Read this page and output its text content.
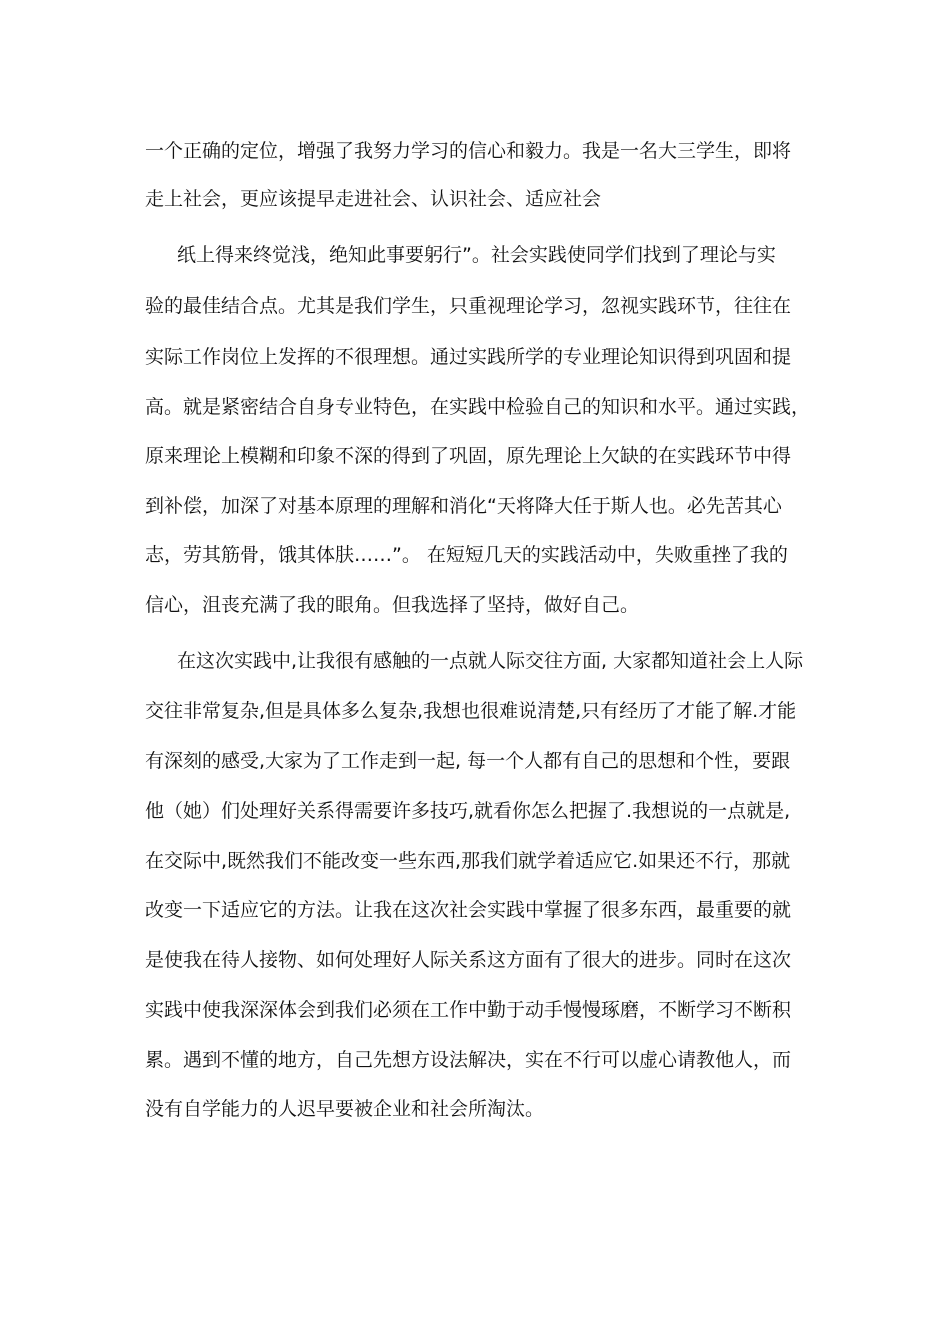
一个正确的定位，增强了我努力学习的信心和毅力。我是一名大三学生，即将
走上社会，更应该提早走进社会、认识社会、适应社会
纸上得来终觉浅，绝知此事要躬行”。社会实践使同学们找到了理论与实
验的最佳结合点。尤其是我们学生，只重视理论学习，忽视实践环节，往往在
实际工作岗位上发挥的不很理想。通过实践所学的专业理论知识得到巩固和提
高。就是紧密结合自身专业特色，在实践中检验自己的知识和水平。通过实践，
原来理论上模糊和印象不深的得到了巩固，原先理论上欠缺的在实践环节中得
到补偿，加深了对基本原理的理解和消化“天将降大任于斯人也。必先苦其心
志，劳其筋骨，饿其体肤……”。 在短短几天的实践活动中，失败重挫了我的
信心，沮丧充满了我的眼角。但我选择了坚持，做好自己。
在这次实践中,让我很有感触的一点就人际交往方面, 大家都知道社会上人际
交往非常复杂,但是具体多么复杂,我想也很难说清楚,只有经历了才能了解.才能
有深刻的感受,大家为了工作走到一起, 每一个人都有自己的思想和个性，要跟
他（她）们处理好关系得需要许多技巧,就看你怎么把握了.我想说的一点就是,
在交际中,既然我们不能改变一些东西,那我们就学着适应它.如果还不行，那就
改变一下适应它的方法。让我在这次社会实践中掌握了很多东西，最重要的就
是使我在待人接物、如何处理好人际关系这方面有了很大的进步。同时在这次
实践中使我深深体会到我们必须在工作中勤于动手慢慢琢磨，不断学习不断积
累。遇到不懂的地方，自己先想方设法解决，实在不行可以虚心请教他人，而
没有自学能力的人迟早要被企业和社会所淘汰。
